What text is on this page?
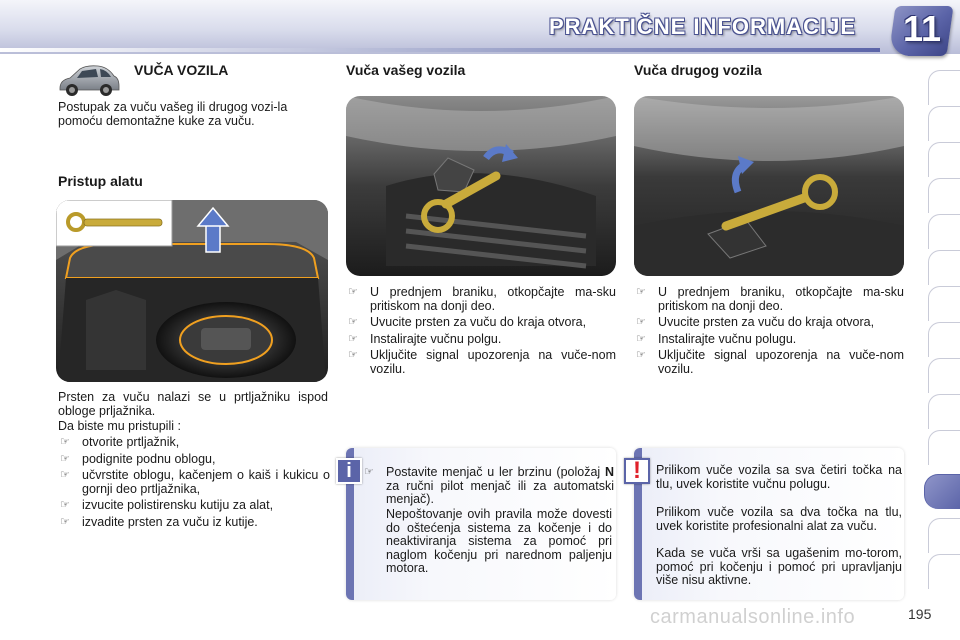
PRAKTIČNE INFORMACIJE 11
VUČA VOZILA

Postupak za vuču vašeg ili drugog vozi-la pomoću demontažne kuke za vuču.

Pristup alatu

Prsten za vuču nalazi se u prtljažniku ispod obloge prljažnika.

Da biste mu pristupili :

☞ otvorite prtljažnik,
☞ podignite podnu oblogu,
☞ učvrstite oblogu, kačenjem o kaiš i kukicu o gornji deo prtljažnika,
☞ izvucite polistirensku kutiju za alat,
☞ izvadite prsten za vuču iz kutije.
Vuča vašeg vozila
☞ U prednjem braniku, otkopčajte ma-sku pritiskom na donji deo.
☞ Uvucite prsten za vuču do kraja otvora,
☞ Instalirajte vučnu polgu.
☞ Uključite signal upozorenja na vuče-nom vozilu.
Vuča drugog vozila
☞ U prednjem braniku, otkopčajte ma-sku pritiskom na donji deo.
☞ Uvucite prsten za vuču do kraja otvora,
☞ Instalirajte vučnu polugu.
☞ Uključite signal upozorenja na vuče-nom vozilu.
i	☞ Postavite menjač u ler brzinu (položaj N za ručni pilot menjač ili za automatski menjač).

Nepoštovanje ovih pravila može dovesti do oštećenja sistema za kočenje i do neaktiviranja sistema za pomoć pri naglom kočenju pri narednom paljenju motora.

!	Prilikom vuče vozila sa sva četiri točka na tlu, uvek koristite vučnu polugu.

Prilikom vuče vozila sa dva točka na tlu, uvek koristite profesionalni alat za vuču.

Kada se vuča vrši sa ugašenim mo-torom, pomoć pri kočenju i pomoć pri upravljanju više nisu aktivne.

carmanualsonline.info	195
